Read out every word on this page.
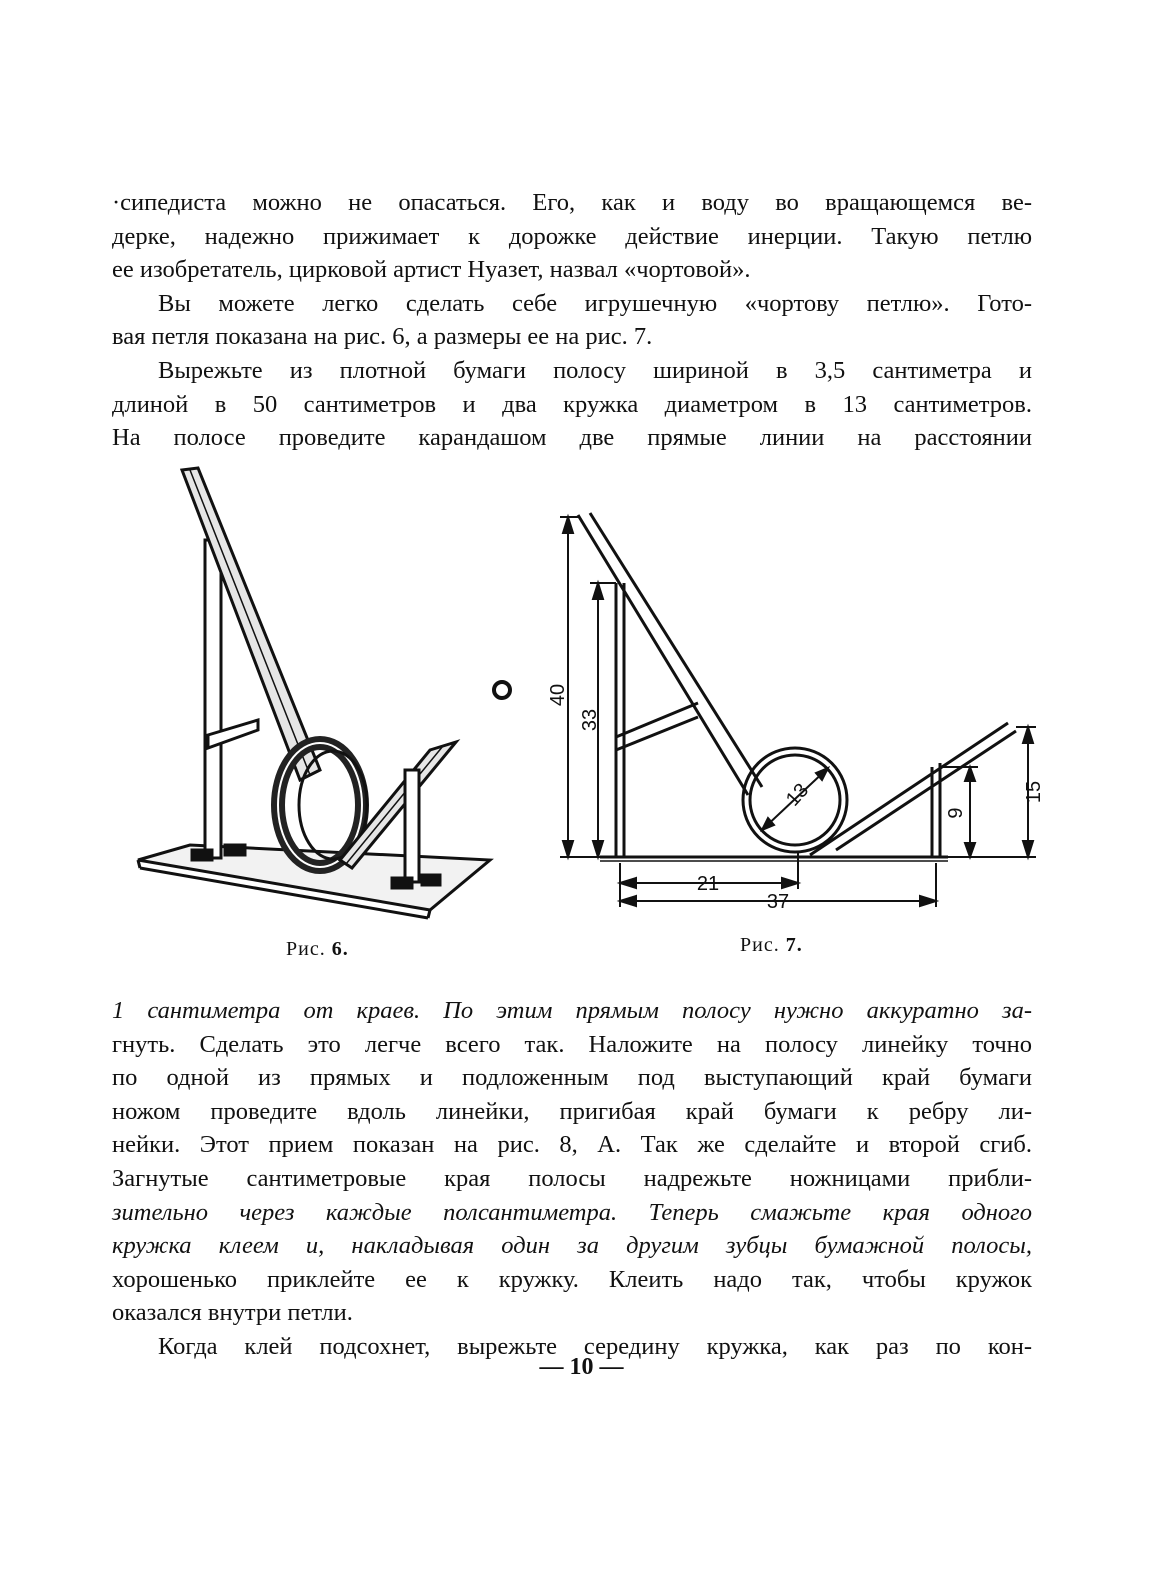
·сипедиста можно не опасаться. Его, как и воду во вращающемся ве-
дерке, надежно прижимает к дорожке действие инерции. Такую петлю
ее изобретатель, цирковой артист Нуазет, назвал «чортовой».
Вы можете легко сделать себе игрушечную «чортову петлю». Гото-
вая петля показана на рис. 6, а размеры ее на рис. 7.
Вырежьте из плотной бумаги полосу шириной в 3,5 сантиметра и
длиной в 50 сантиметров и два кружка диаметром в 13 сантиметров.
На полосе проведите карандашом две прямые линии на расстоянии
Рис. 6.
40
33
13	15
9
21
37
Рис. 7.
1 сантиметра от краев. По этим прямым полосу нужно аккуратно за-
гнуть. Сделать это легче всего так. Наложите на полосу линейку точно
по одной из прямых и подложенным под выступающий край бумаги
ножом проведите вдоль линейки, пригибая край бумаги к ребру ли-
нейки. Этот прием показан на рис. 8, А. Так же сделайте и второй сгиб.
Загнутые сантиметровые края полосы надрежьте ножницами прибли-
зительно через каждые полсантиметра. Теперь смажьте края одного
кружка клеем и, накладывая один за другим зубцы бумажной полосы,
хорошенько приклейте ее к кружку. Клеить надо так, чтобы кружок
оказался внутри петли.
Когда клей подсохнет, вырежьте середину кружка, как раз по кон-
— 10 —
